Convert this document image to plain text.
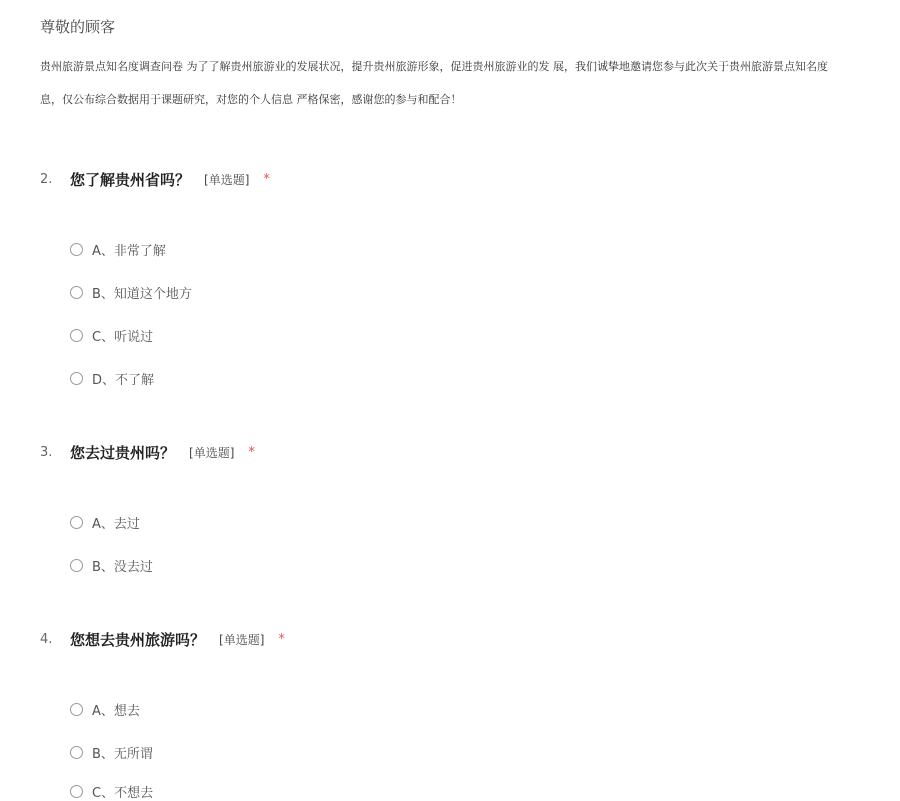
尊敬的顾客
贵州旅游景点知名度调查问卷 为了了解贵州旅游业的发展状况，提升贵州旅游形象，促进贵州旅游业的发 展，我们诚挚地邀请您参与此次关于贵州旅游景点知名度
息，仅公布综合数据用于课题研究，对您的个人信息 严格保密，感谢您的参与和配合！
2.	您了解贵州省吗？ [单选题] *
A、非常了解
B、知道这个地方
C、听说过
D、不了解
3.	您去过贵州吗？ [单选题] *
A、去过
B、没去过
4.	您想去贵州旅游吗？ [单选题] *
A、想去
B、无所谓
C、不想去
